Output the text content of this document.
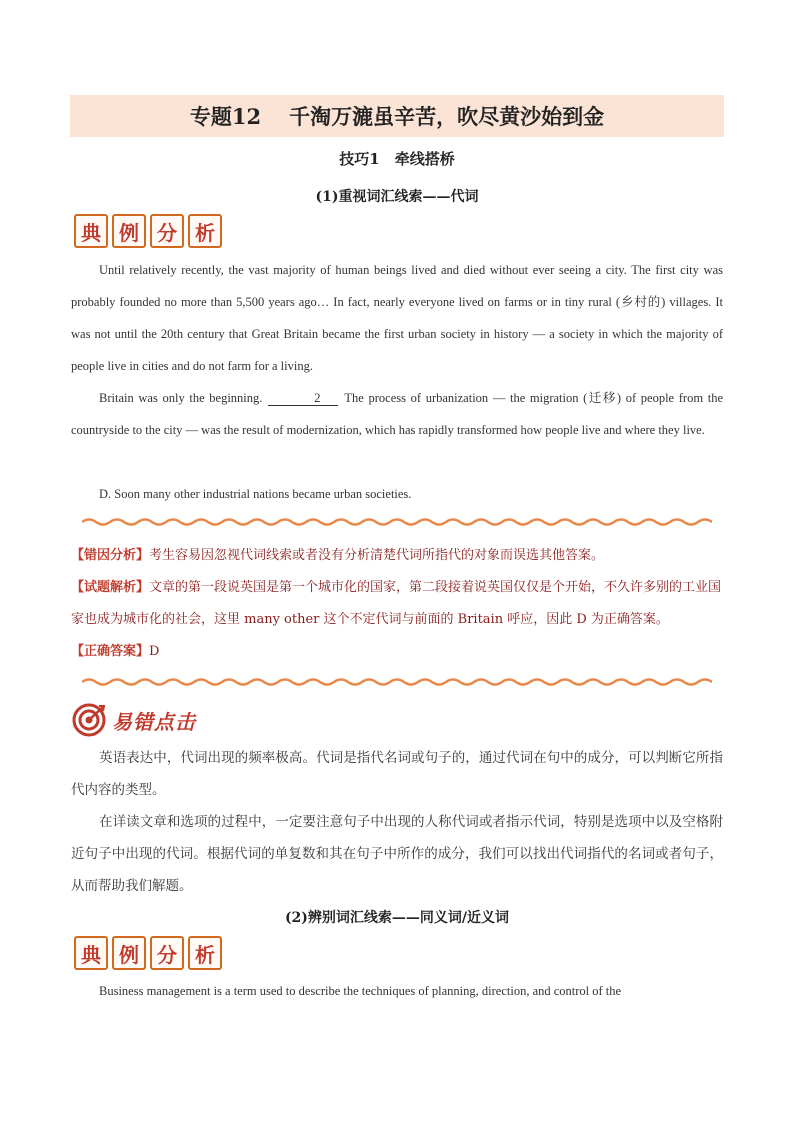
专题12 千淘万漉虽辛苦，吹尽黄沙始到金
技巧1　牵线搭桥
(1)重视词汇线索——代词
典 例 分 析
Until relatively recently, the vast majority of human beings lived and died without ever seeing a city. The first city was probably founded no more than 5,500 years ago… In fact, nearly everyone lived on farms or in tiny rural (乡村的) villages. It was not until the 20th century that Great Britain became the first urban society in history — a society in which the majority of people live in cities and do not farm for a living.
Britain was only the beginning.	2 The process of urbanization — the migration (迁移) of people from the countryside to the city — was the result of modernization, which has rapidly transformed how people live and where they live.
D. Soon many other industrial nations became urban societies.
【错因分析】考生容易因忽视代词线索或者没有分析清楚代词所指代的对象而误选其他答案。
【试题解析】文章的第一段说英国是第一个城市化的国家，第二段接着说英国仅仅是个开始，不久许多别的工业国家也成为城市化的社会，这里 many other 这个不定代词与前面的 Britain 呼应，因此 D 为正确答案。
【正确答案】D
易错点击
英语表达中，代词出现的频率极高。代词是指代名词或句子的，通过代词在句中的成分，可以判断它所指代内容的类型。
在详读文章和选项的过程中，一定要注意句子中出现的人称代词或者指示代词，特别是选项中以及空格附近句子中出现的代词。根据代词的单复数和其在句子中所作的成分，我们可以找出代词指代的名词或者句子，从而帮助我们解题。
(2)辨别词汇线索——同义词/近义词
典 例 分 析
Business management is a term used to describe the techniques of planning, direction, and control of the
